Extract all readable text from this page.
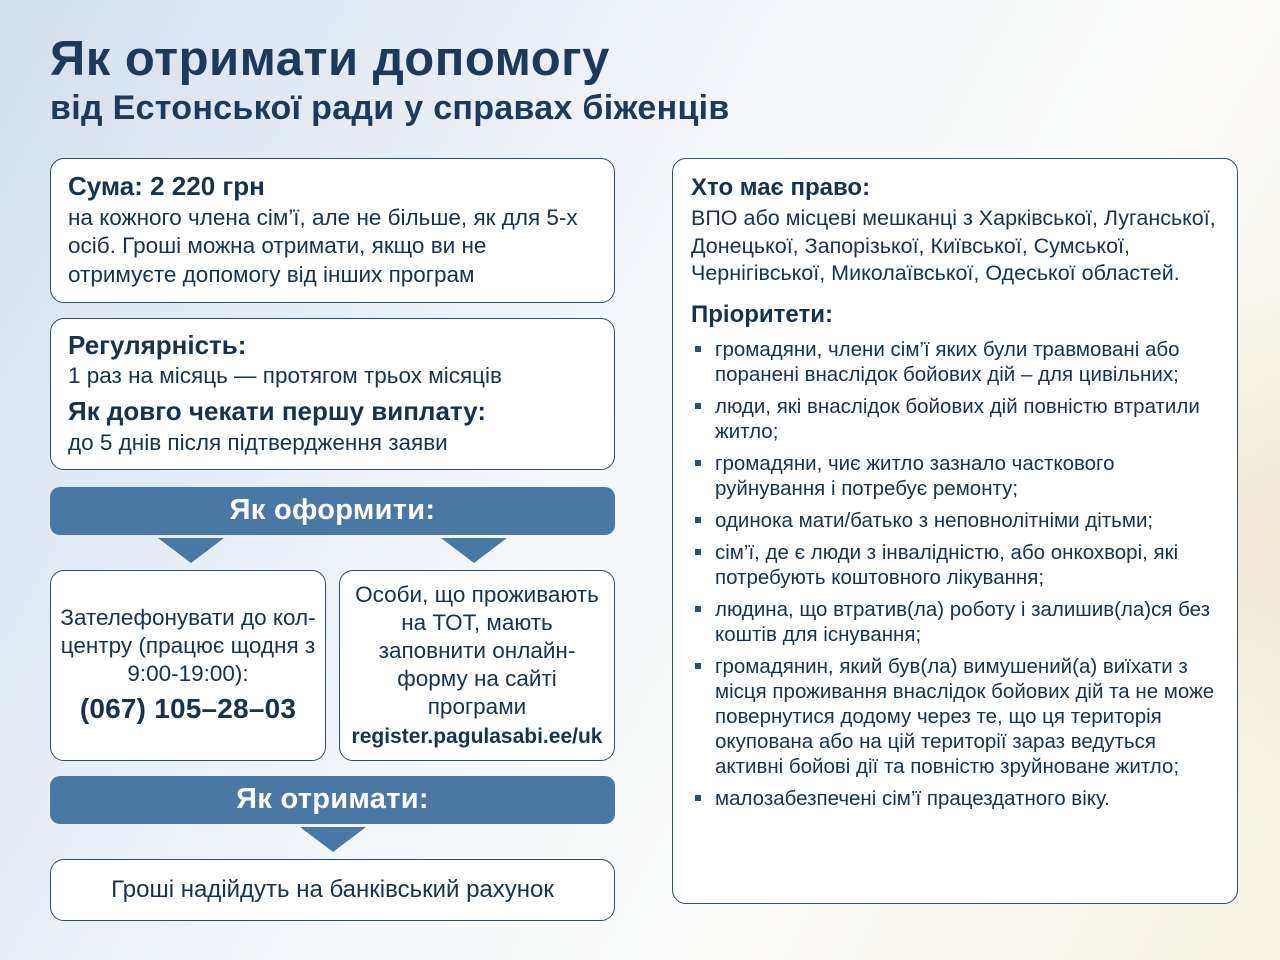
Як отримати допомогу
від Естонської ради у справах біженців
Сума: 2 220 грн

на кожного члена сім’ї, але не більше, як для 5-х осіб. Гроші можна отримати, якщо ви не отримуєте допомогу від інших програм

Регулярність:

1 раз на місяць — протягом трьох місяців

Як довго чекати першу виплату:

до 5 днів після підтвердження заяви

Як оформити:

Зателефонувати до кол-центру (працює щодня з 9:00-19:00):

(067) 105–28–03

Особи, що проживають на ТОТ, мають заповнити онлайн-форму на сайті програми

register.pagulasabi.ee/uk

Як отримати:

Гроші надійдуть на банківський рахунок

Хто має право:

ВПО або місцеві мешканці з Харківської, Луганської, Донецької, Запорізької, Київської, Сумської, Чернігівської, Миколаївської, Одеської областей.

Пріоритети:
громадяни, члени сім’ї яких були травмовані або поранені внаслідок бойових дій – для цивільних;
люди, які внаслідок бойових дій повністю втратили житло;
громадяни, чиє житло зазнало часткового руйнування і потребує ремонту;
одинока мати/батько з неповнолітніми дітьми;
сім’ї, де є люди з інвалідністю, або онкохворі, які потребують коштовного лікування;
людина, що втратив(ла) роботу і залишив(ла)ся без коштів для існування;
громадянин, який був(ла) вимушений(а) виїхати з місця проживання внаслідок бойових дій та не може повернутися додому через те, що ця територія окупована або на цій території зараз ведуться активні бойові дії та повністю зруйноване житло;
малозабезпечені сім’ї працездатного віку.
